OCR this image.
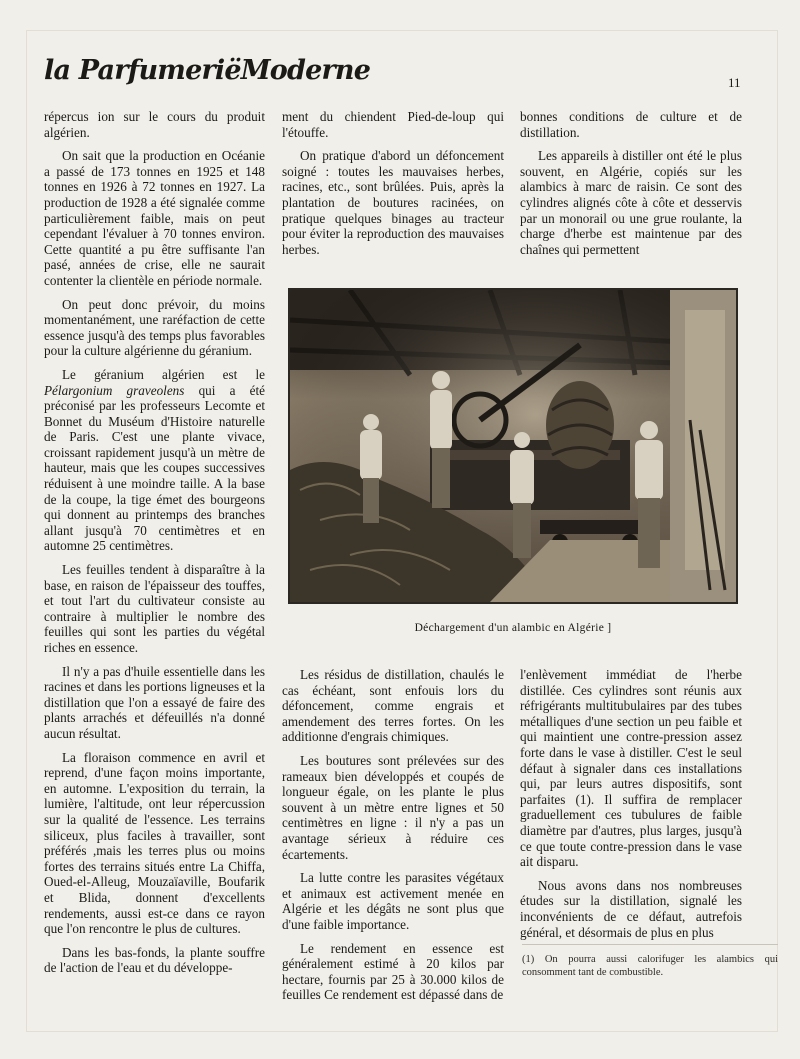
la ParfumeriëModerne	11

répercus ion sur le cours du produit algérien.

On sait que la production en Océanie a passé de 173 tonnes en 1925 et 148 tonnes en 1926 à 72 tonnes en 1927. La production de 1928 a été signalée comme particulièrement faible, mais on peut cependant l'évaluer à 70 tonnes environ. Cette quantité a pu être suffisante l'an pasé, années de crise, elle ne saurait contenter la clientèle en période normale.

On peut donc prévoir, du moins momentanément, une raréfaction de cette essence jusqu'à des temps plus favorables pour la culture algérienne du géranium.

Le géranium algérien est le Pélargonium graveolens qui a été préconisé par les professeurs Lecomte et Bonnet du Muséum d'Histoire naturelle de Paris. C'est une plante vivace, croissant rapidement jusqu'à un mètre de hauteur, mais que les coupes successives réduisent à une moindre taille. A la base de la coupe, la tige émet des bourgeons qui donnent au printemps des branches allant jusqu'à 70 centimètres et en automne 25 centimètres.

Les feuilles tendent à disparaître à la base, en raison de l'épaisseur des touffes, et tout l'art du cultivateur consiste au contraire à multiplier le nombre des feuilles qui sont les parties du végétal riches en essence.

Il n'y a pas d'huile essentielle dans les racines et dans les portions ligneuses et la distillation que l'on a essayé de faire des plants arrachés et défeuillés n'a donné aucun résultat.

La floraison commence en avril et reprend, d'une façon moins importante, en automne. L'exposition du terrain, la lumière, l'altitude, ont leur répercussion sur la qualité de l'essence. Les terrains siliceux, plus faciles à travailler, sont préférés ,mais les terres plus ou moins fortes des terrains situés entre La Chiffa, Oued-el-Alleug, Mouzaïaville, Boufarik et Blida, donnent d'excellents rendements, aussi est-ce dans ce rayon que l'on rencontre le plus de cultures.

Dans les bas-fonds, la plante souffre de l'action de l'eau et du développe-

ment du chiendent Pied-de-loup qui l'étouffe.

On pratique d'abord un défoncement soigné : toutes les mauvaises herbes, racines, etc., sont brûlées. Puis, après la plantation de boutures racinées, on pratique quelques binages au tracteur pour éviter la reproduction des mauvaises herbes.

bonnes conditions de culture et de distillation.

Les appareils à distiller ont été le plus souvent, en Algérie, copiés sur les alambics à marc de raisin. Ce sont des cylindres alignés côte à côte et desservis par un monorail ou une grue roulante, la charge d'herbe est maintenue par des chaînes qui permettent

Déchargement d'un alambic en Algérie ]

Les résidus de distillation, chaulés le cas échéant, sont enfouis lors du défoncement, comme engrais et amendement des terres fortes. On les additionne d'engrais chimiques.

Les boutures sont prélevées sur des rameaux bien développés et coupés de longueur égale, on les plante le plus souvent à un mètre entre lignes et 50 centimètres en ligne : il n'y a pas un avantage sérieux à réduire ces écartements.

La lutte contre les parasites végétaux et animaux est activement menée en Algérie et les dégâts ne sont plus que d'une faible importance.

Le rendement en essence est généralement estimé à 20 kilos par hectare, fournis par 25 à 30.000 kilos de feuilles Ce rendement est dépassé dans de

l'enlèvement immédiat de l'herbe distillée. Ces cylindres sont réunis aux réfrigérants multitubulaires par des tubes métalliques d'une section un peu faible et qui maintient une contre-pression assez forte dans le vase à distiller. C'est le seul défaut à signaler dans ces installations qui, par leurs autres dispositifs, sont parfaites (1). Il suffira de remplacer graduellement ces tubulures de faible diamètre par d'autres, plus larges, jusqu'à ce que toute contre-pression dans le vase ait disparu.

Nous avons dans nos nombreuses études sur la distillation, signalé les inconvénients de ce défaut, autrefois général, et désormais de plus en plus

(1) On pourra aussi calorifuger les alambics qui consomment tant de combustible.
